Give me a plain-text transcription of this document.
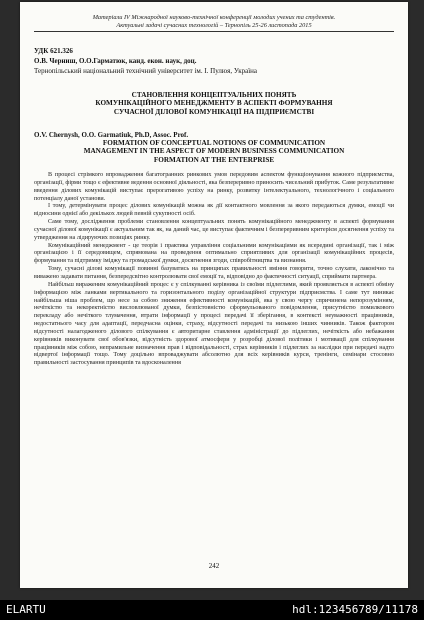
Матеріали IV Міжнародної науково-технічної конференції молодих учених та студентів.
Актуальні задачі сучасних технологій – Тернопіль 25-26 листопада 2015
УДК 621.326
О.В. Черниш, О.О.Гарматюк, канд. екон. наук, доц.
Тернопільський національний технічний університет ім. І. Пулюя, Україна
СТАНОВЛЕННЯ КОНЦЕПТУАЛЬНИХ ПОНЯТЬ
КОМУНІКАЦІЙНОГО МЕНЕДЖМЕНТУ В АСПЕКТІ ФОРМУВАННЯ
СУЧАСНОЇ ДІЛОВОЇ КОМУНІКАЦІЇ НА ПІДПРИЄМСТВІ
O.V. Chernysh, O.O. Garmatiuk, Ph.D, Assoc. Prof.
FORMATION OF CONCEPTUAL NOTIONS OF COMMUNICATION
MANAGEMENT IN THE ASPECT OF MODERN BUSINESS COMMUNICATION
FORMATION AT THE ENTERPRISE

В процесі стрімкого впровадження багатогранних ринкових умов передовим аспектом функціонування кожного підприємства, організації, фірми тощо є ефективне ведення основної діяльності, яка безпереривно приносить чисельний прибуток. Саме результативне введення ділових комунікацій виступає прерогативою успіху на ринку, розвитку інтелектуального, технологічного і соціального потенціалу даної установи.

І тому, детермінувати процес ділових комунікацій можна як дії контактного мовлення за якого передаються думки, емоції чи відносини однієї або декількох людей певній сукупності осіб.

Саме тому, дослідження проблеми становлення концептуальних понять комунікаційного менеджменту в аспекті формування сучасної ділової комунікації є актуальним так як, на даний час, це виступає фактичним і безпереривним критерієм досягнення успіху та утвердження на лідируючих позиціях ринку.

Комунікаційний менеджмент - це теорія і практика управління соціальними комунікаціями як всередині організації, так і між організацією і її середовищем, спрямована на проведення оптимально сприятливих для організації комунікаційних процесів, формування та підтримку іміджу та громадської думки, досягнення згоди, співробітництва та визнання.

Тому, сучасні ділові комунікації повинні базуватись на принципах правильності вміння говорити, точно слухати, лаконічно та виважено задавати питання, безпередсвітно контролювати свої емоції та, відповідно до фактичності ситуації, сприймати партнера.

Найбільш вираженим комунікаційний процес є у спілкуванні керівника із своїми підлеглими, який проявляється в аспекті обміну інформацією між ланками вертикального та горизонтального поділу організаційної структури підприємства. І саме тут виникає найбільша ніша проблем, що несе за собою зниження ефективності комунікацій, яка у свою чергу спричинена непорозумінням, нечіткістю та некоректністю висловлюваної думки, безпістовністю сформульованого повідомлення, присутністю помилкового перекладу або нечіткого тлумачення, втрати інформації у процесі передачі її зберігання, в контексті неуважності працівників, недостатнього часу для адаптації, передчасна оцінки, страху, відсутності передачі та низькою інших чинників. Також фактором відсутності налагодженого ділового спілкування є авторитарне ставлення адміністрації до підлеглих, нечіткість або небажання керівників виконувати свої обов'язки, відсутність здорової атмосфери у розробці ділової політики і мотивації для спілкування працівників між собою, непрамильне визначення прав і відповідальності, страх керівників і підлеглих за наслідки при передачі надто відвертої інформації тощо. Тому доцільно впроваджувати абсолютно для всіх керівників курси, тренінги, семінари стосовно правильності застосування принципів та вдосконалення

242
ELARTU	hdl:123456789/11178
